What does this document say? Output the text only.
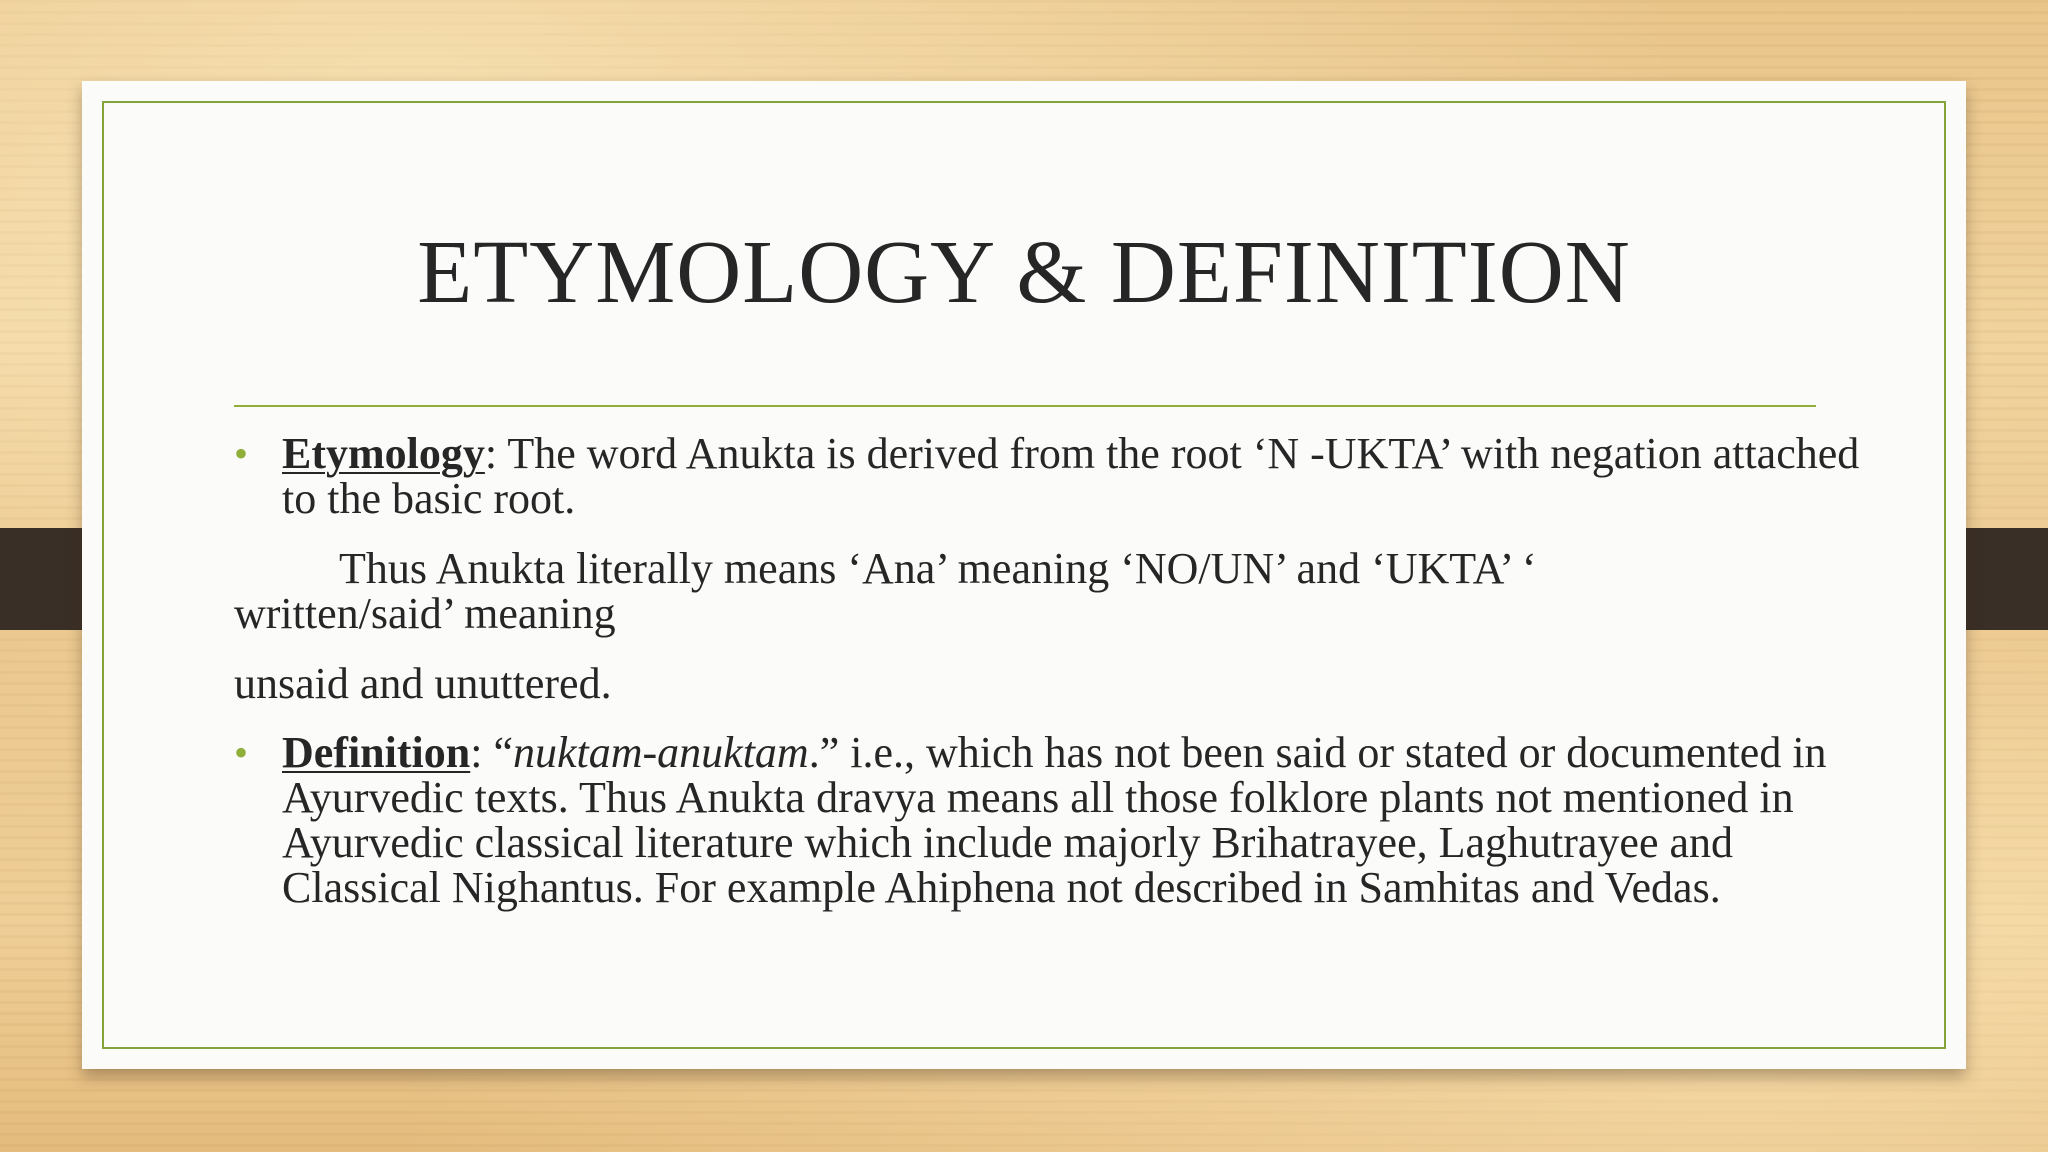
ETYMOLOGY & DEFINITION
• Etymology: The word Anukta is derived from the root ‘N -UKTA’ with negation attached to the basic root.
Thus Anukta literally means ‘Ana’ meaning ‘NO/UN’ and ‘UKTA’ ‘
written/said’ meaning
unsaid and unuttered.
• Definition: “nuktam-anuktam.” i.e., which has not been said or stated or documented in Ayurvedic texts. Thus Anukta dravya means all those folklore plants not mentioned in Ayurvedic classical literature which include majorly Brihatrayee, Laghutrayee and Classical Nighantus. For example Ahiphena not described in Samhitas and Vedas.
